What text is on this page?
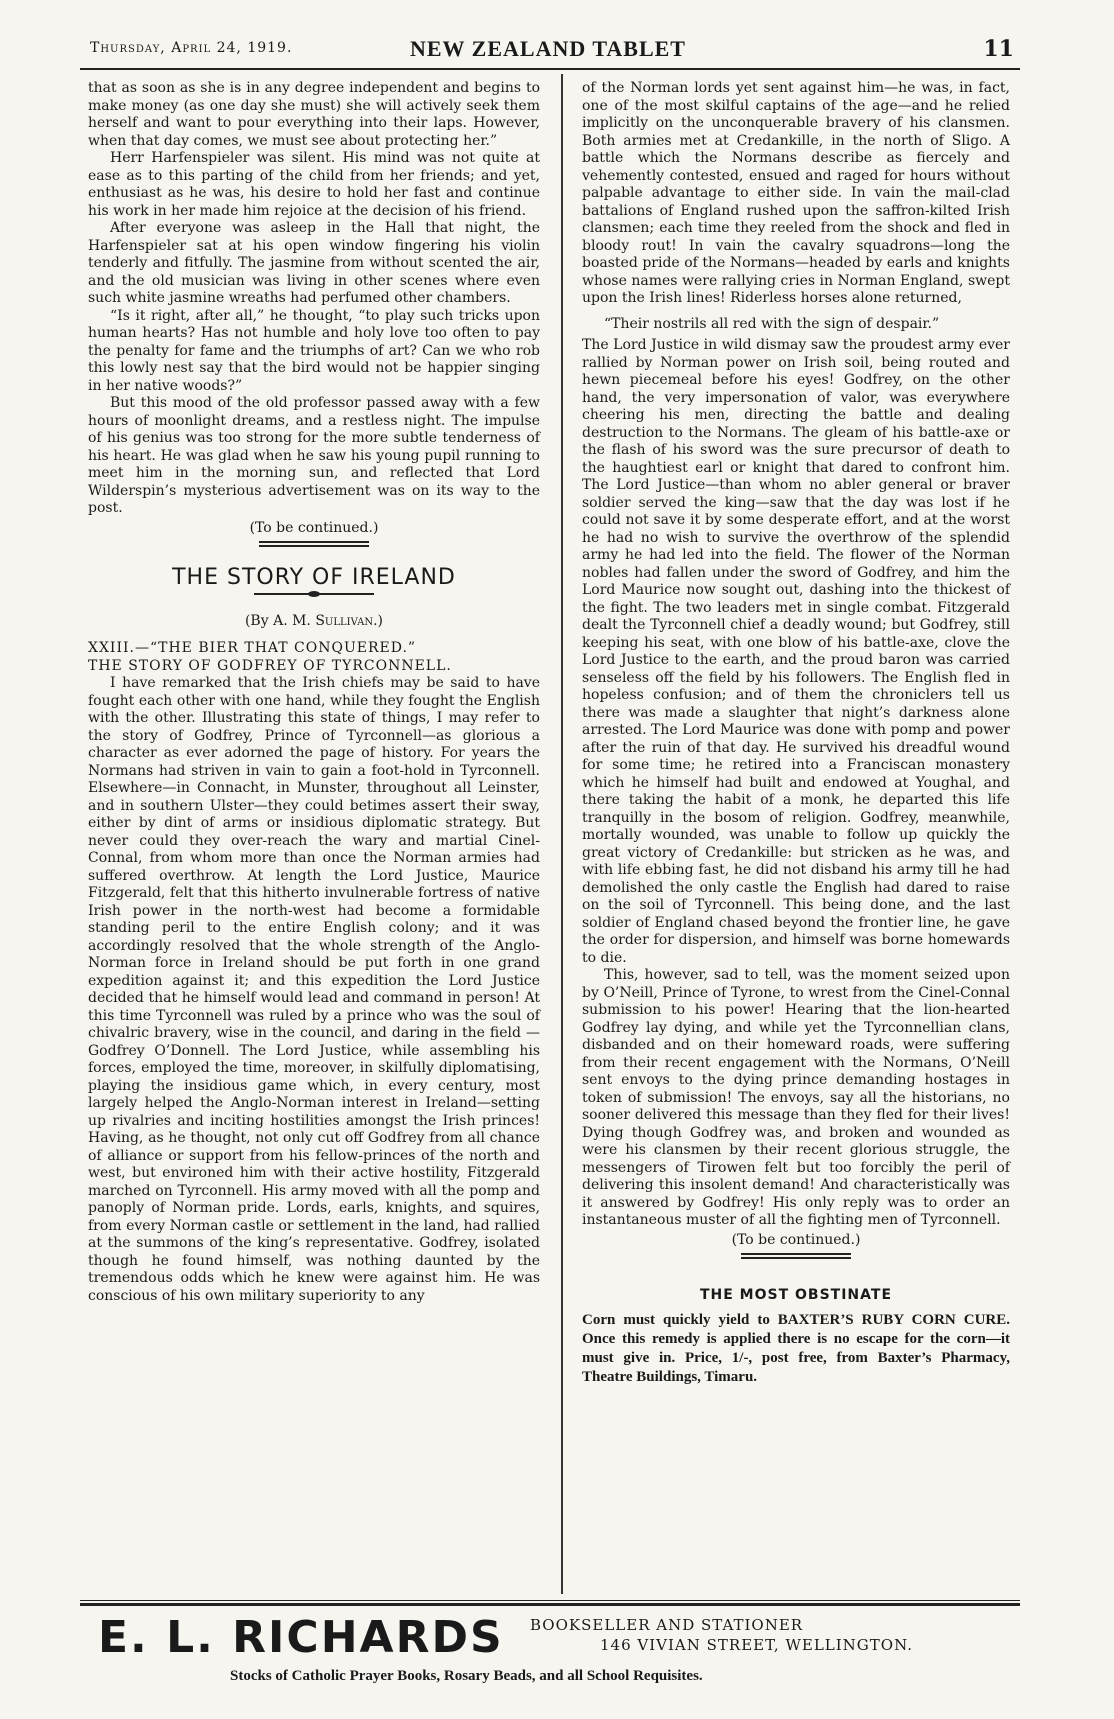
Thursday, April 24, 1919.	NEW ZEALAND TABLET	11

that as soon as she is in any degree independent and begins to make money (as one day she must) she will actively seek them herself and want to pour everything into their laps. However, when that day comes, we must see about protecting her.”

Herr Harfenspieler was silent. His mind was not quite at ease as to this parting of the child from her friends; and yet, enthusiast as he was, his desire to hold her fast and continue his work in her made him rejoice at the decision of his friend.

After everyone was asleep in the Hall that night, the Harfenspieler sat at his open window fingering his violin tenderly and fitfully. The jasmine from without scented the air, and the old musician was living in other scenes where even such white jasmine wreaths had perfumed other chambers.

“Is it right, after all,” he thought, “to play such tricks upon human hearts? Has not humble and holy love too often to pay the penalty for fame and the triumphs of art? Can we who rob this lowly nest say that the bird would not be happier singing in her native woods?”

But this mood of the old professor passed away with a few hours of moonlight dreams, and a restless night. The impulse of his genius was too strong for the more subtle tenderness of his heart. He was glad when he saw his young pupil running to meet him in the morning sun, and reflected that Lord Wilderspin’s mysterious advertisement was on its way to the post.

(To be continued.)

THE STORY OF IRELAND

(By A. M. Sullivan.)

XXIII.—“THE BIER THAT CONQUERED.”

THE STORY OF GODFREY OF TYRCONNELL.

I have remarked that the Irish chiefs may be said to have fought each other with one hand, while they fought the English with the other. Illustrating this state of things, I may refer to the story of Godfrey, Prince of Tyrconnell—as glorious a character as ever adorned the page of history. For years the Normans had striven in vain to gain a foot-hold in Tyrconnell. Elsewhere—in Connacht, in Munster, throughout all Leinster, and in southern Ulster—they could betimes assert their sway, either by dint of arms or insidious diplomatic strategy. But never could they over-reach the wary and martial Cinel-Connal, from whom more than once the Norman armies had suffered overthrow. At length the Lord Justice, Maurice Fitzgerald, felt that this hitherto invulnerable fortress of native Irish power in the north-west had become a formidable standing peril to the entire English colony; and it was accordingly resolved that the whole strength of the Anglo-Norman force in Ireland should be put forth in one grand expedition against it; and this expedition the Lord Justice decided that he himself would lead and command in person! At this time Tyrconnell was ruled by a prince who was the soul of chivalric bravery, wise in the council, and daring in the field —Godfrey O’Donnell. The Lord Justice, while assembling his forces, employed the time, moreover, in skilfully diplomatising, playing the insidious game which, in every century, most largely helped the Anglo-Norman interest in Ireland—setting up rivalries and inciting hostilities amongst the Irish princes! Having, as he thought, not only cut off Godfrey from all chance of alliance or support from his fellow-princes of the north and west, but environed him with their active hostility, Fitzgerald marched on Tyrconnell. His army moved with all the pomp and panoply of Norman pride. Lords, earls, knights, and squires, from every Norman castle or settlement in the land, had rallied at the summons of the king’s representative. Godfrey, isolated though he found himself, was nothing daunted by the tremendous odds which he knew were against him. He was conscious of his own military superiority to any

of the Norman lords yet sent against him—he was, in fact, one of the most skilful captains of the age—and he relied implicitly on the unconquerable bravery of his clansmen. Both armies met at Credankille, in the north of Sligo. A battle which the Normans describe as fiercely and vehemently contested, ensued and raged for hours without palpable advantage to either side. In vain the mail-clad battalions of England rushed upon the saffron-kilted Irish clansmen; each time they reeled from the shock and fled in bloody rout! In vain the cavalry squadrons—long the boasted pride of the Normans—headed by earls and knights whose names were rallying cries in Norman England, swept upon the Irish lines! Riderless horses alone returned,

“Their nostrils all red with the sign of despair.”

The Lord Justice in wild dismay saw the proudest army ever rallied by Norman power on Irish soil, being routed and hewn piecemeal before his eyes! Godfrey, on the other hand, the very impersonation of valor, was everywhere cheering his men, directing the battle and dealing destruction to the Normans. The gleam of his battle-axe or the flash of his sword was the sure precursor of death to the haughtiest earl or knight that dared to confront him. The Lord Justice—than whom no abler general or braver soldier served the king—saw that the day was lost if he could not save it by some desperate effort, and at the worst he had no wish to survive the overthrow of the splendid army he had led into the field. The flower of the Norman nobles had fallen under the sword of Godfrey, and him the Lord Maurice now sought out, dashing into the thickest of the fight. The two leaders met in single combat. Fitzgerald dealt the Tyrconnell chief a deadly wound; but Godfrey, still keeping his seat, with one blow of his battle-axe, clove the Lord Justice to the earth, and the proud baron was carried senseless off the field by his followers. The English fled in hopeless confusion; and of them the chroniclers tell us there was made a slaughter that night’s darkness alone arrested. The Lord Maurice was done with pomp and power after the ruin of that day. He survived his dreadful wound for some time; he retired into a Franciscan monastery which he himself had built and endowed at Youghal, and there taking the habit of a monk, he departed this life tranquilly in the bosom of religion. Godfrey, meanwhile, mortally wounded, was unable to follow up quickly the great victory of Credankille: but stricken as he was, and with life ebbing fast, he did not disband his army till he had demolished the only castle the English had dared to raise on the soil of Tyrconnell. This being done, and the last soldier of England chased beyond the frontier line, he gave the order for dispersion, and himself was borne homewards to die.

This, however, sad to tell, was the moment seized upon by O’Neill, Prince of Tyrone, to wrest from the Cinel-Connal submission to his power! Hearing that the lion-hearted Godfrey lay dying, and while yet the Tyrconnellian clans, disbanded and on their homeward roads, were suffering from their recent engagement with the Normans, O’Neill sent envoys to the dying prince demanding hostages in token of submission! The envoys, say all the historians, no sooner delivered this message than they fled for their lives! Dying though Godfrey was, and broken and wounded as were his clansmen by their recent glorious struggle, the messengers of Tirowen felt but too forcibly the peril of delivering this insolent demand! And characteristically was it answered by Godfrey! His only reply was to order an instantaneous muster of all the fighting men of Tyrconnell.

(To be continued.)

THE MOST OBSTINATE

Corn must quickly yield to BAXTER’S RUBY CORN CURE. Once this remedy is applied there is no escape for the corn—it must give in. Price, 1/-, post free, from Baxter’s Pharmacy, Theatre Buildings, Timaru.

E. L. RICHARDS BOOKSELLER AND STATIONER
146 VIVIAN STREET, WELLINGTON.
Stocks of Catholic Prayer Books, Rosary Beads, and all School Requisites.
